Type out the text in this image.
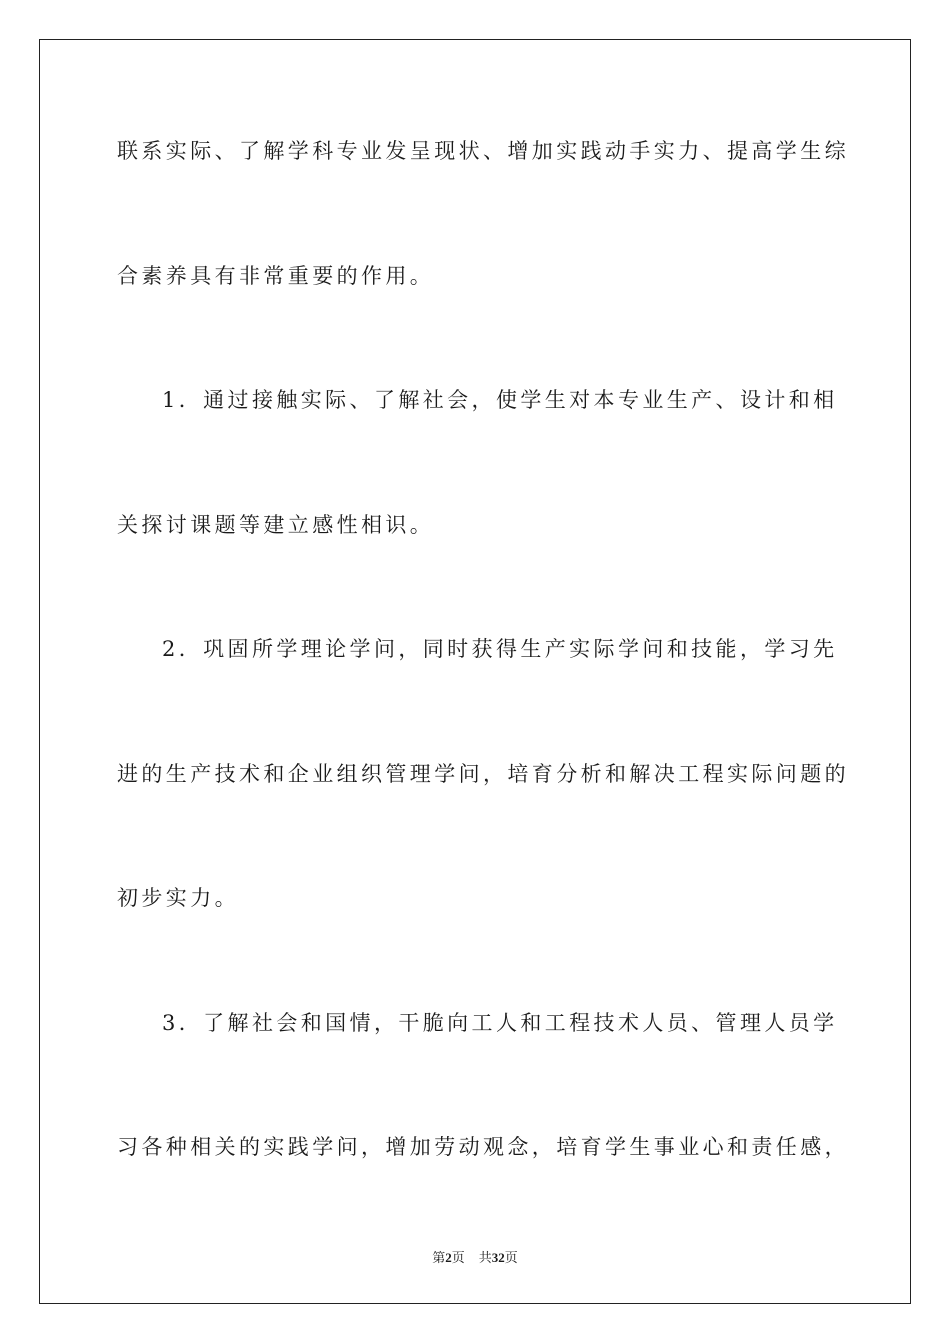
联系实际、了解学科专业发呈现状、增加实践动手实力、提高学生综
合素养具有非常重要的作用。
1．通过接触实际、了解社会，使学生对本专业生产、设计和相
关探讨课题等建立感性相识。
2．巩固所学理论学问，同时获得生产实际学问和技能，学习先
进的生产技术和企业组织管理学问，培育分析和解决工程实际问题的
初步实力。
3．了解社会和国情，干脆向工人和工程技术人员、管理人员学
习各种相关的实践学问，增加劳动观念，培育学生事业心和责任感，
第2页 共32页
